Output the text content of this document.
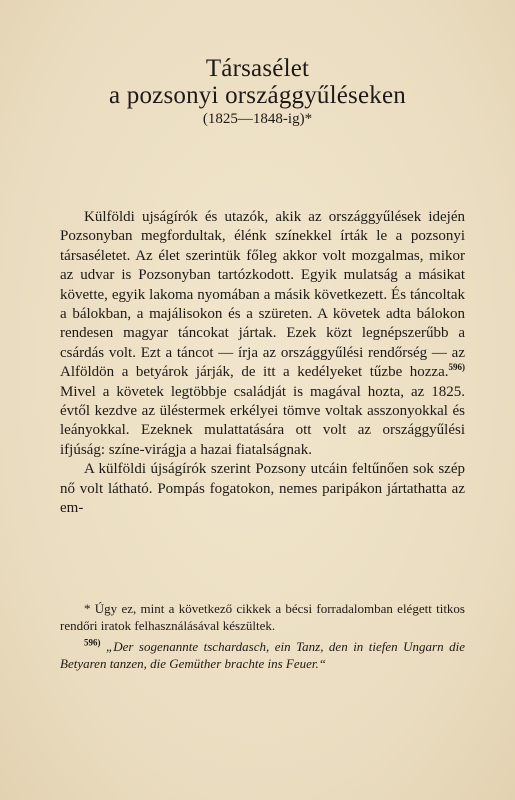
Társasélet
a pozsonyi országgyűléseken
(1825—1848-ig)*

Külföldi ujságírók és utazók, akik az országgyűlések idején Pozsonyban megfordultak, élénk színekkel írták le a pozsonyi társaséletet. Az élet szerintük főleg akkor volt mozgalmas, mikor az udvar is Pozsonyban tartózkodott. Egyik mulatság a másikat követte, egyik lakoma nyomában a másik következett. És táncoltak a bálokban, a majálisokon és a szüreten. A követek adta bálokon rendesen magyar táncokat jártak. Ezek közt legnépszerűbb a csárdás volt. Ezt a táncot — írja az országgyűlési rendőrség — az Alföldön a betyárok járják, de itt a kedélyeket tűzbe hozza.$^{596)}$ Mivel a követek legtöbbje családját is magával hozta, az 1825. évtől kezdve az üléstermek erkélyei tömve voltak asszonyokkal és leányokkal. Ezeknek mulattatására ott volt az országgyűlési ifjúság: színe-virágja a hazai fiatalságnak.

A külföldi újságírók szerint Pozsony utcáin feltűnően sok szép nő volt látható. Pompás fogatokon, nemes paripákon jártathatta az em-

* Úgy ez, mint a következő cikkek a bécsi forradalomban elégett titkos rendőri iratok felhasználásával készültek.

$^{596)}$ „Der sogenannte tschardasch, ein Tanz, den in tiefen Ungarn die Betyaren tanzen, die Gemüther brachte ins Feuer.“
